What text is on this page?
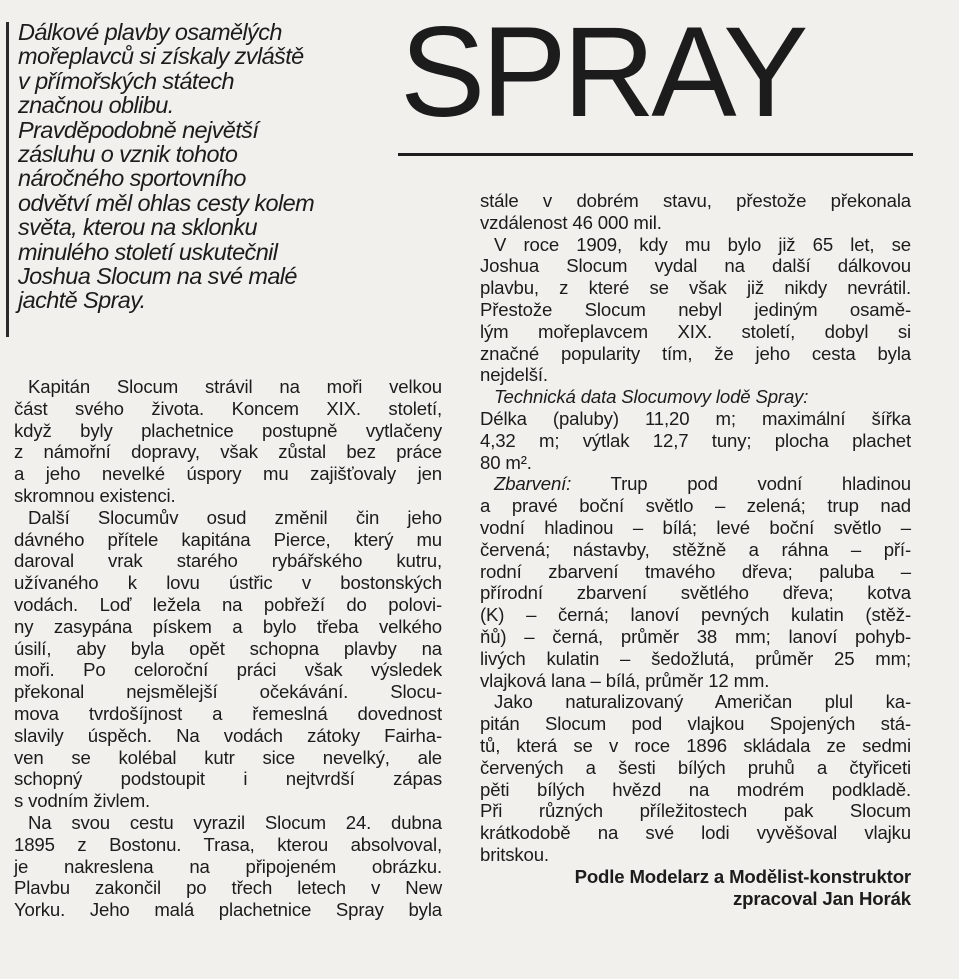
Dálkové plavby osamělých
mořeplavců si získaly zvláště
v přímořských státech
značnou oblibu.
Pravděpodobně největší
zásluhu o vznik tohoto
náročného sportovního
odvětví měl ohlas cesty kolem
světa, kterou na sklonku
minulého století uskutečnil
Joshua Slocum na své malé
jachtě Spray.
SPRAY
Kapitán Slocum strávil na moři velkou
část svého života. Koncem XIX. století,
když byly plachetnice postupně vytlačeny
z námořní dopravy, však zůstal bez práce
a jeho nevelké úspory mu zajišťovaly jen
skromnou existenci.
Další Slocumův osud změnil čin jeho
dávného přítele kapitána Pierce, který mu
daroval vrak starého rybářského kutru,
užívaného k lovu ústřic v bostonských
vodách. Loď ležela na pobřeží do polovi-
ny zasypána pískem a bylo třeba velkého
úsilí, aby byla opět schopna plavby na
moři. Po celoroční práci však výsledek
překonal nejsmělejší očekávání. Slocu-
mova tvrdošíjnost a řemeslná dovednost
slavily úspěch. Na vodách zátoky Fairha-
ven se kolébal kutr sice nevelký, ale
schopný podstoupit i nejtvrdší zápas
s vodním živlem.
Na svou cestu vyrazil Slocum 24. dubna
1895 z Bostonu. Trasa, kterou absolvoval,
je nakreslena na připojeném obrázku.
Plavbu zakončil po třech letech v New
Yorku. Jeho malá plachetnice Spray byla
stále v dobrém stavu, přestože překonala
vzdálenost 46 000 mil.
V roce 1909, kdy mu bylo již 65 let, se
Joshua Slocum vydal na další dálkovou
plavbu, z které se však již nikdy nevrátil.
Přestože Slocum nebyl jediným osamě-
lým mořeplavcem XIX. století, dobyl si
značné popularity tím, že jeho cesta byla
nejdelší.
Technická data Slocumovy lodě Spray:
Délka (paluby) 11,20 m; maximální šířka
4,32 m; výtlak 12,7 tuny; plocha plachet
80 m².
Zbarvení: Trup pod vodní hladinou
a pravé boční světlo – zelená; trup nad
vodní hladinou – bílá; levé boční světlo –
červená; nástavby, stěžně a ráhna – pří-
rodní zbarvení tmavého dřeva; paluba –
přírodní zbarvení světlého dřeva; kotva
(K) – černá; lanoví pevných kulatin (stěž-
ňů) – černá, průměr 38 mm; lanoví pohyb-
livých kulatin – šedožlutá, průměr 25 mm;
vlajková lana – bílá, průměr 12 mm.
Jako naturalizovaný Američan plul ka-
pitán Slocum pod vlajkou Spojených stá-
tů, která se v roce 1896 skládala ze sedmi
červených a šesti bílých pruhů a čtyřiceti
pěti bílých hvězd na modrém podkladě.
Při různých příležitostech pak Slocum
krátkodobě na své lodi vyvěšoval vlajku
britskou.
Podle Modelarz a Modělist-konstruktor
zpracoval Jan Horák
